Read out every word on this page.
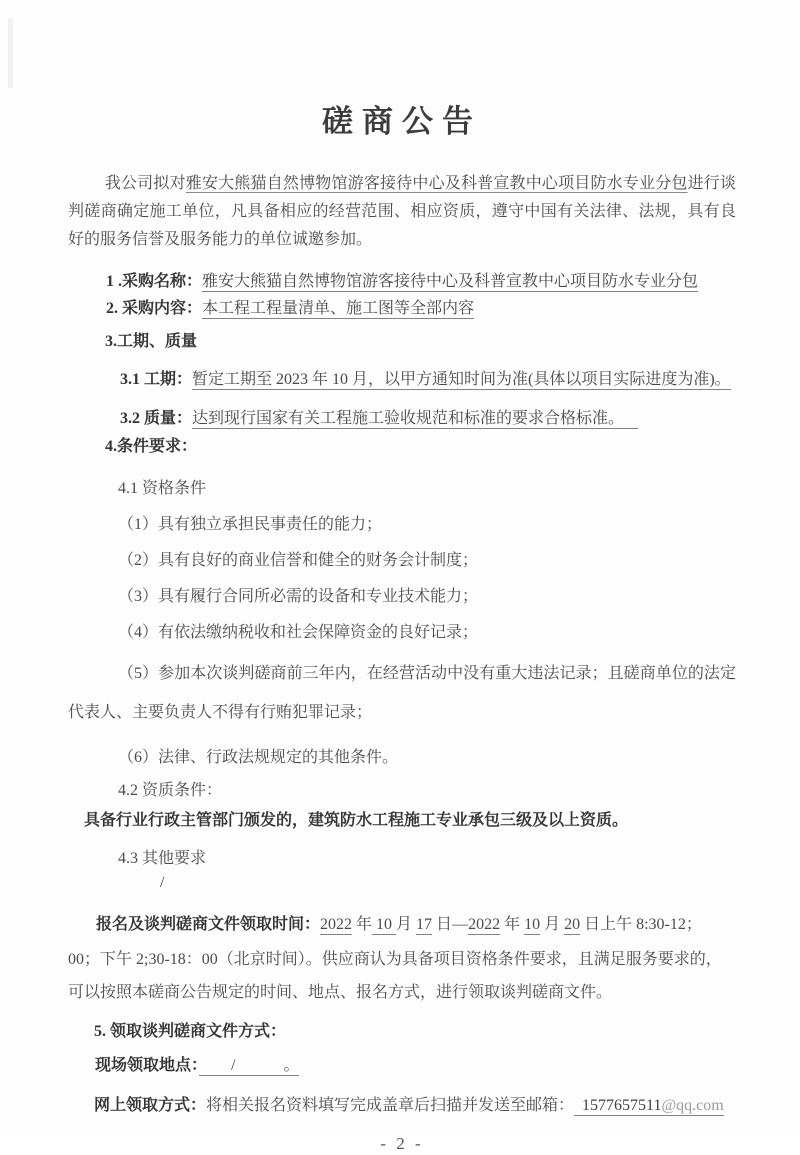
磋商公告

我公司拟对雅安大熊猫自然博物馆游客接待中心及科普宣教中心项目防水专业分包进行谈判磋商确定施工单位，凡具备相应的经营范围、相应资质，遵守中国有关法律、法规，具有良好的服务信誉及服务能力的单位诚邀参加。

1 .采购名称：雅安大熊猫自然博物馆游客接待中心及科普宣教中心项目防水专业分包
2. 采购内容：本工程工程量清单、施工图等全部内容
3.工期、质量
3.1 工期：暂定工期至 2023 年 10 月，以甲方通知时间为准(具体以项目实际进度为准)。
3.2 质量：达到现行国家有关工程施工验收规范和标准的要求合格标准。
4.条件要求：
4.1 资格条件
（1）具有独立承担民事责任的能力；
（2）具有良好的商业信誉和健全的财务会计制度；
（3）具有履行合同所必需的设备和专业技术能力；
（4）有依法缴纳税收和社会保障资金的良好记录；
（5）参加本次谈判磋商前三年内，在经营活动中没有重大违法记录；且磋商单位的法定代表人、主要负责人不得有行贿犯罪记录；
（6）法律、行政法规规定的其他条件。
4.2 资质条件：
具备行业行政主管部门颁发的，建筑防水工程施工专业承包三级及以上资质。
4.3 其他要求
/
报名及谈判磋商文件领取时间：2022 年 10 月 17 日—2022 年 10 月 20 日上午 8:30-12；
00；下午 2;30-18：00（北京时间）。供应商认为具备项目资格条件要求，且满足服务要求的，
可以按照本磋商公告规定的时间、地点、报名方式，进行领取谈判磋商文件。
5. 领取谈判磋商文件方式：
现场领取地点：　　/　　　。
网上领取方式：将相关报名资料填写完成盖章后扫描并发送至邮箱： 1577657511@qq.com
- 2 -
